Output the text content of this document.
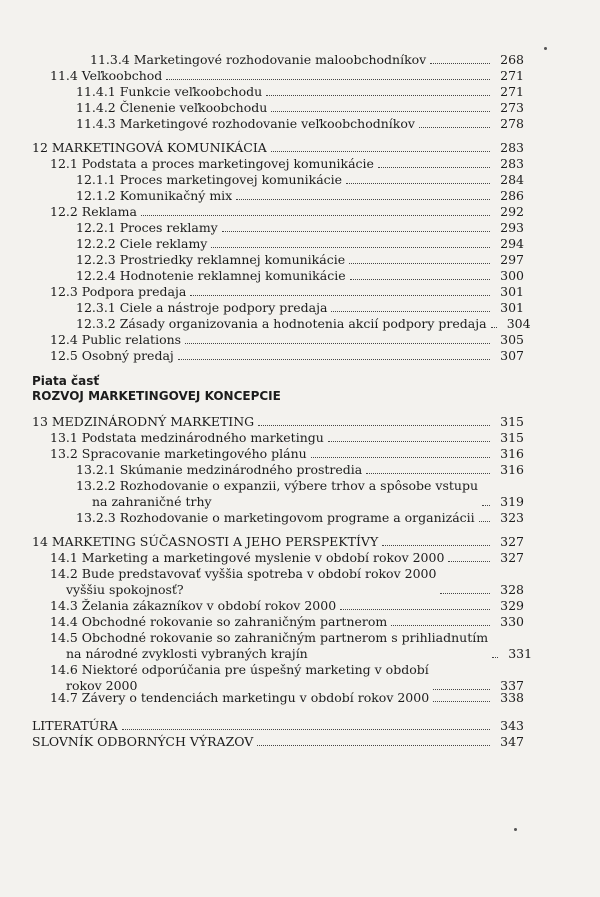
11.3.4 Marketingové rozhodovanie maloobchodníkov	268
11.4 Veľkoobchod	271
11.4.1 Funkcie veľkoobchodu	271
11.4.2 Členenie veľkoobchodu	273
11.4.3 Marketingové rozhodovanie veľkoobchodníkov	278
12 MARKETINGOVÁ KOMUNIKÁCIA	283
12.1 Podstata a proces marketingovej komunikácie	283
12.1.1 Proces marketingovej komunikácie	284
12.1.2 Komunikačný mix	286
12.2 Reklama	292
12.2.1 Proces reklamy	293
12.2.2 Ciele reklamy	294
12.2.3 Prostriedky reklamnej komunikácie	297
12.2.4 Hodnotenie reklamnej komunikácie	300
12.3 Podpora predaja	301
12.3.1 Ciele a nástroje podpory predaja	301
12.3.2 Zásady organizovania a hodnotenia akcií podpory predaja	304
12.4 Public relations	305
12.5 Osobný predaj	307
Piata časť
ROZVOJ MARKETINGOVEJ KONCEPCIE
13 MEDZINÁRODNÝ MARKETING	315
13.1 Podstata medzinárodného marketingu	315
13.2 Spracovanie marketingového plánu	316
13.2.1 Skúmanie medzinárodného prostredia	316
13.2.2 Rozhodovanie o expanzii, výbere trhov a spôsobe vstupu
na zahraničné trhy	319
13.2.3 Rozhodovanie o marketingovom programe a organizácii	323
14 MARKETING SÚČASNOSTI A JEHO PERSPEKTÍVY	327
14.1 Marketing a marketingové myslenie v období rokov 2000	327
14.2 Bude predstavovať vyššia spotreba v období rokov 2000
vyššiu spokojnosť?	328
14.3 Želania zákazníkov v období rokov 2000	329
14.4 Obchodné rokovanie so zahraničným partnerom	330
14.5 Obchodné rokovanie so zahraničným partnerom s prihliadnutím
na národné zvyklosti vybraných krajín	331
14.6 Niektoré odporúčania pre úspešný marketing v období
rokov 2000	337
14.7 Závery o tendenciách marketingu v období rokov 2000	338
LITERATÚRA	343
SLOVNÍK ODBORNÝCH VÝRAZOV	347
